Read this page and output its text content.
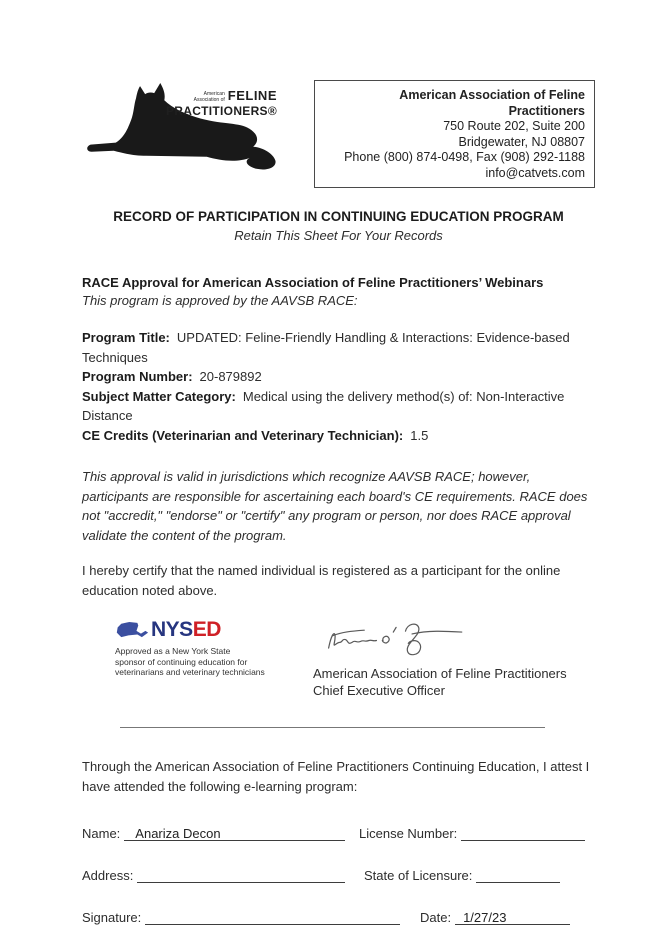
American
Association of FELINE
PRACTITIONERS®
American Association of Feline Practitioners
750 Route 202, Suite 200
Bridgewater, NJ 08807
Phone (800) 874-0498, Fax (908) 292-1188
info@catvets.com
RECORD OF PARTICIPATION IN CONTINUING EDUCATION PROGRAM
Retain This Sheet For Your Records
RACE Approval for American Association of Feline Practitioners’ Webinars
This program is approved by the AAVSB RACE:
Program Title: UPDATED: Feline-Friendly Handling & Interactions: Evidence-based Techniques
Program Number: 20-879892
Subject Matter Category: Medical using the delivery method(s) of: Non-Interactive Distance
CE Credits (Veterinarian and Veterinary Technician): 1.5
This approval is valid in jurisdictions which recognize AAVSB RACE; however, participants are responsible for ascertaining each board's CE requirements. RACE does not "accredit," "endorse" or "certify" any program or person, nor does RACE approval validate the content of the program.
I hereby certify that the named individual is registered as a participant for the online education noted above.
NYSED
Approved as a New York State
sponsor of continuing education for
veterinarians and veterinary technicians	American Association of Feline Practitioners
Chief Executive Officer
Through the American Association of Feline Practitioners Continuing Education, I attest I have attended the following e-learning program:
Name:	Anariza Decon	License Number:
Address:	State of Licensure:
Signature:	Date: 1/27/23
